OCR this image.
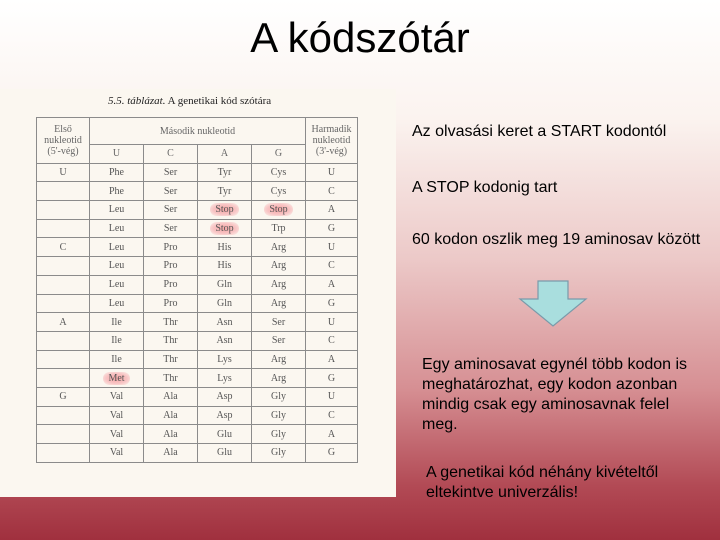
A kódszótár
5.5. táblázat. A genetikai kód szótára
Első nukleotid (5'-vég)	Második nukleotid				Harmadik nukleotid (3'-vég)
	U	C	A	G	
U	Phe	Ser	Tyr	Cys	U
	Phe	Ser	Tyr	Cys	C
	Leu	Ser	Stop	Stop	A
	Leu	Ser	Stop	Trp	G
C	Leu	Pro	His	Arg	U
	Leu	Pro	His	Arg	C
	Leu	Pro	Gln	Arg	A
	Leu	Pro	Gln	Arg	G
A	Ile	Thr	Asn	Ser	U
	Ile	Thr	Asn	Ser	C
	Ile	Thr	Lys	Arg	A
	Met	Thr	Lys	Arg	G
G	Val	Ala	Asp	Gly	U
	Val	Ala	Asp	Gly	C
	Val	Ala	Glu	Gly	A
	Val	Ala	Glu	Gly	G
Az olvasási keret a START kodontól
A STOP kodonig tart
60 kodon oszlik meg 19 aminosav között
Egy aminosavat egynél több kodon is meghatározhat, egy kodon azonban mindig csak egy aminosavnak felel meg.
A genetikai kód néhány kivételtől
eltekintve univerzális!
